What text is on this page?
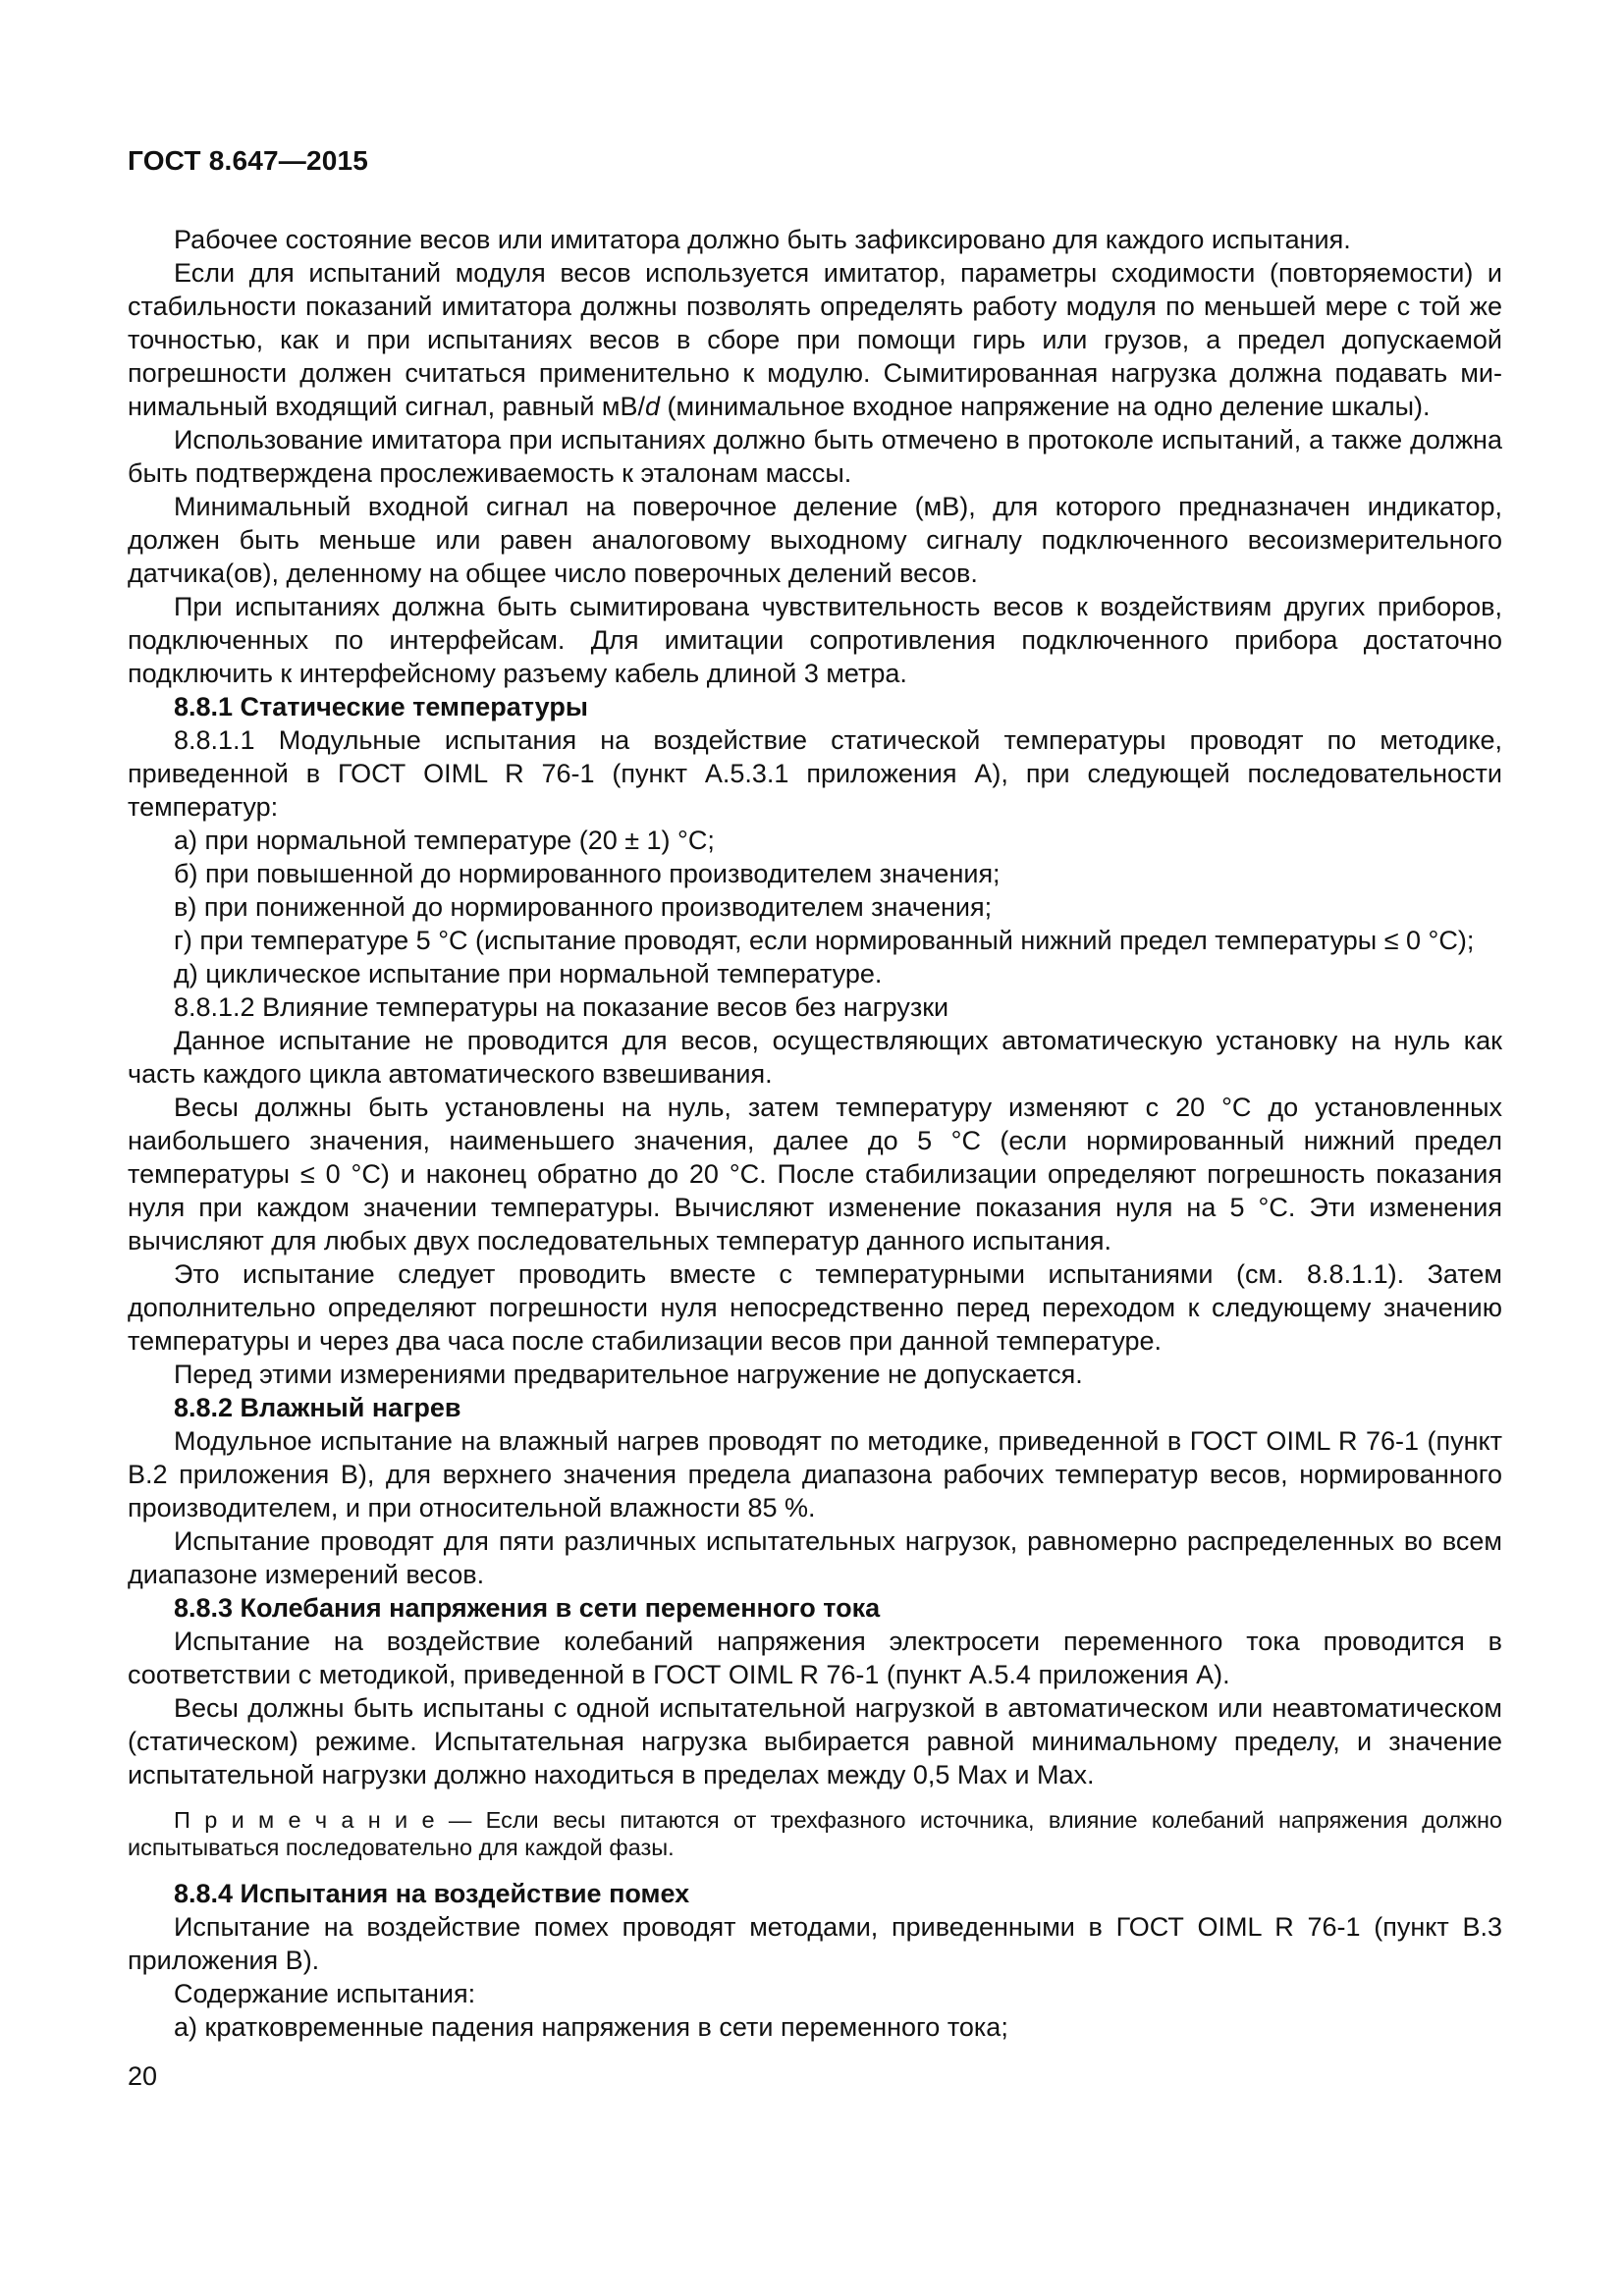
ГОСТ 8.647—2015

Рабочее состояние весов или имитатора должно быть зафиксировано для каждого испытания.

Если для испытаний модуля весов используется имитатор, параметры сходимости (повторяемости) и стабильности показаний имитатора должны позволять определять работу модуля по меньшей мере с той же точностью, как и при испытаниях весов в сборе при помощи гирь или грузов, а предел допускаемой погрешности должен считаться применительно к модулю. Сымитированная нагрузка должна подавать минимальный входящий сигнал, равный мВ/d (минимальное входное напряжение на одно деление шкалы).

Использование имитатора при испытаниях должно быть отмечено в протоколе испытаний, а также должна быть подтверждена прослеживаемость к эталонам массы.

Минимальный входной сигнал на поверочное деление (мВ), для которого предназначен индикатор, должен быть меньше или равен аналоговому выходному сигналу подключенного весоизмерительного датчика(ов), деленному на общее число поверочных делений весов.

При испытаниях должна быть сымитирована чувствительность весов к воздействиям других приборов, подключенных по интерфейсам. Для имитации сопротивления подключенного прибора достаточно подключить к интерфейсному разъему кабель длиной 3 метра.

8.8.1 Статические температуры

8.8.1.1 Модульные испытания на воздействие статической температуры проводят по методике, приведенной в ГОСТ OIML R 76-1 (пункт А.5.3.1 приложения А), при следующей последовательности температур:

а) при нормальной температуре (20 ± 1) °С;

б) при повышенной до нормированного производителем значения;

в) при пониженной до нормированного производителем значения;

г) при температуре 5 °С (испытание проводят, если нормированный нижний предел температуры ≤ 0 °С);

д) циклическое испытание при нормальной температуре.

8.8.1.2 Влияние температуры на показание весов без нагрузки

Данное испытание не проводится для весов, осуществляющих автоматическую установку на нуль как часть каждого цикла автоматического взвешивания.

Весы должны быть установлены на нуль, затем температуру изменяют с 20 °С до установленных наибольшего значения, наименьшего значения, далее до 5 °С (если нормированный нижний предел температуры ≤ 0 °С) и наконец обратно до 20 °С. После стабилизации определяют погрешность показания нуля при каждом значении температуры. Вычисляют изменение показания нуля на 5 °С. Эти изменения вычисляют для любых двух последовательных температур данного испытания.

Это испытание следует проводить вместе с температурными испытаниями (см. 8.8.1.1). Затем дополнительно определяют погрешности нуля непосредственно перед переходом к следующему значению температуры и через два часа после стабилизации весов при данной температуре.

Перед этими измерениями предварительное нагружение не допускается.

8.8.2 Влажный нагрев

Модульное испытание на влажный нагрев проводят по методике, приведенной в ГОСТ OIML R 76-1 (пункт В.2 приложения В), для верхнего значения предела диапазона рабочих температур весов, нормированного производителем, и при относительной влажности 85 %.

Испытание проводят для пяти различных испытательных нагрузок, равномерно распределенных во всем диапазоне измерений весов.

8.8.3 Колебания напряжения в сети переменного тока

Испытание на воздействие колебаний напряжения электросети переменного тока проводится в соответствии с методикой, приведенной в ГОСТ OIML R 76-1 (пункт А.5.4 приложения А).

Весы должны быть испытаны с одной испытательной нагрузкой в автоматическом или неавтоматическом (статическом) режиме. Испытательная нагрузка выбирается равной минимальному пределу, и значение испытательной нагрузки должно находиться в пределах между 0,5 Max и Max.

П р и м е ч а н и е — Если весы питаются от трехфазного источника, влияние колебаний напряжения должно испытываться последовательно для каждой фазы.

8.8.4 Испытания на воздействие помех

Испытание на воздействие помех проводят методами, приведенными в ГОСТ OIML R 76-1 (пункт В.3 приложения В).

Содержание испытания:

а) кратковременные падения напряжения в сети переменного тока;

20
